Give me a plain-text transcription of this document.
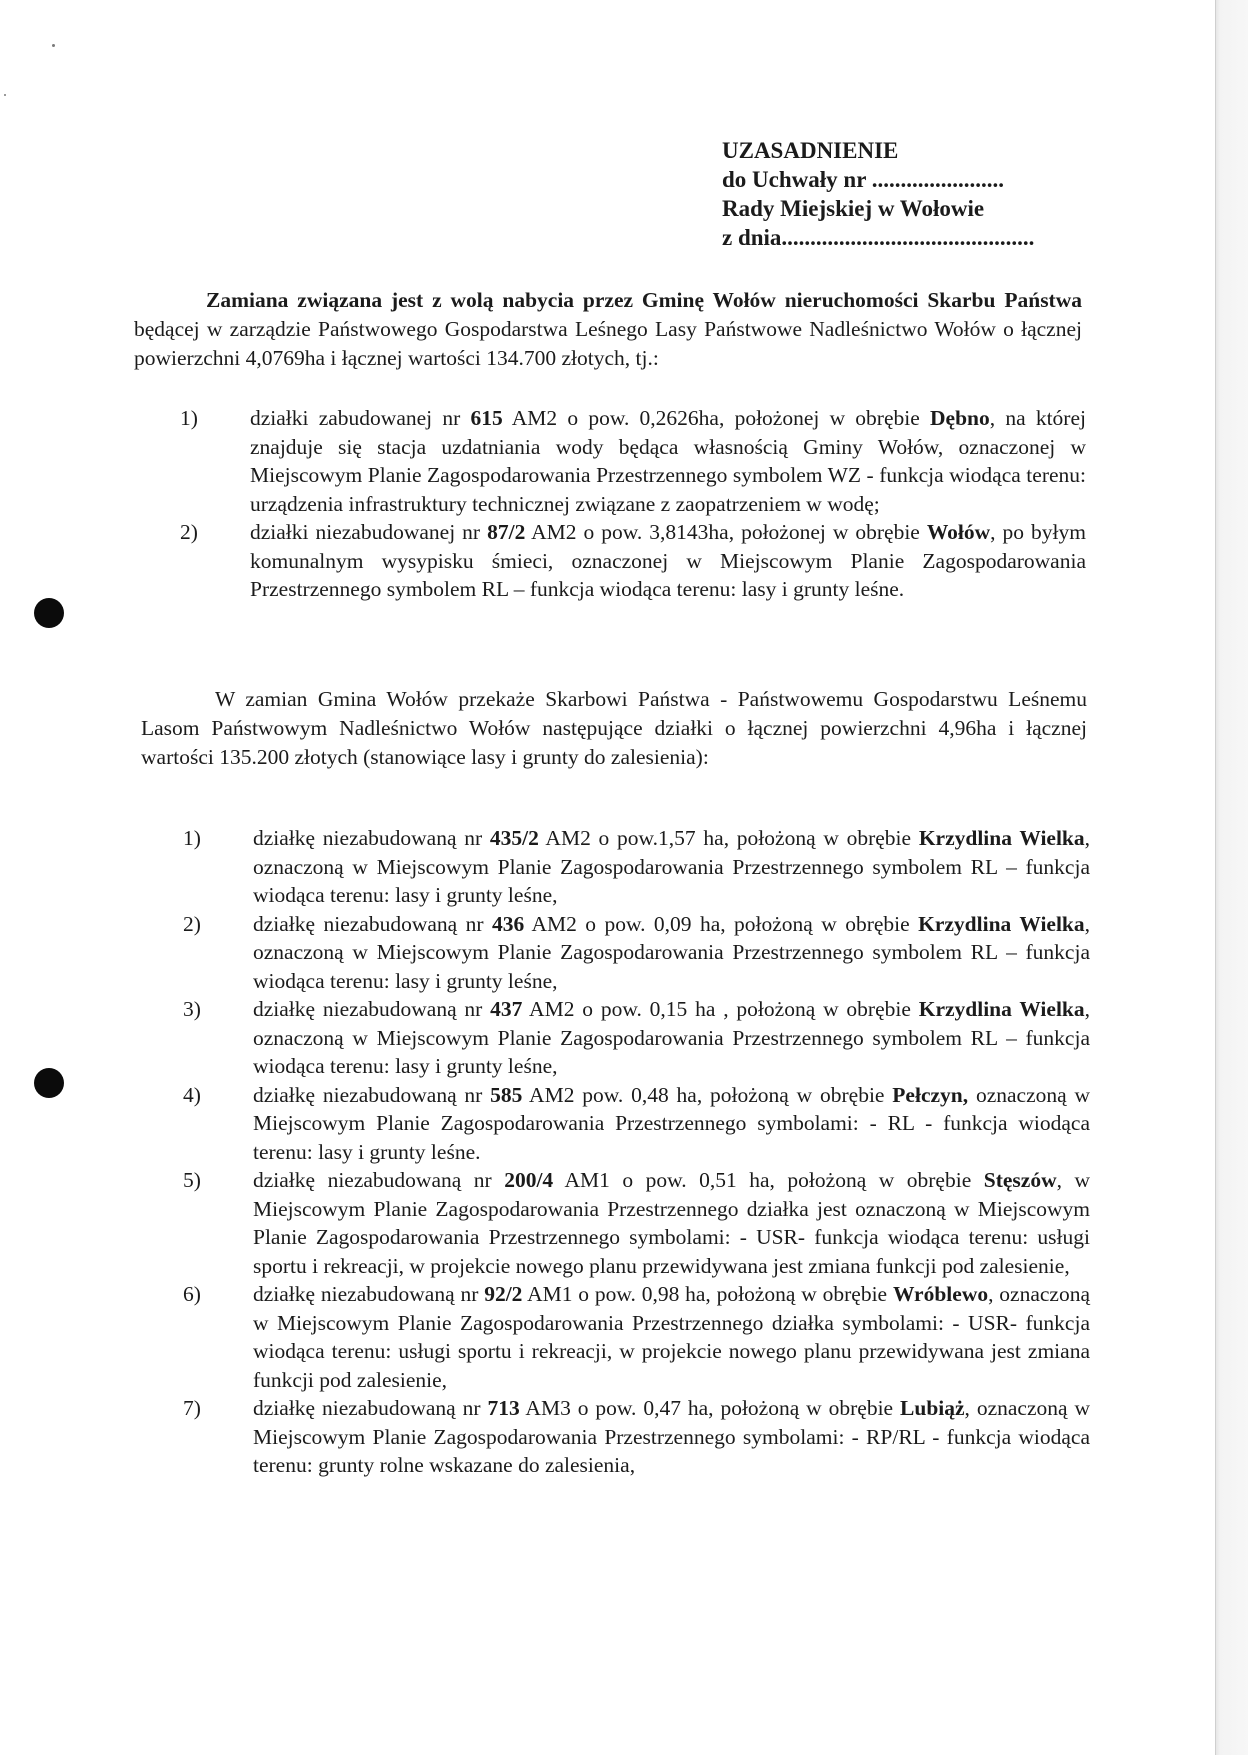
UZASADNIENIE
do Uchwały nr .......................
Rady Miejskiej w Wołowie
z dnia............................................
Zamiana związana jest z wolą nabycia przez Gminę Wołów nieruchomości Skarbu Państwa będącej w zarządzie Państwowego Gospodarstwa Leśnego Lasy Państwowe Nadleśnictwo Wołów o łącznej powierzchni 4,0769ha i łącznej wartości 134.700 złotych, tj.:
1)	działki zabudowanej nr 615 AM2 o pow. 0,2626ha, położonej w obrębie Dębno, na której znajduje się stacja uzdatniania wody będąca własnością Gminy Wołów, oznaczonej w Miejscowym Planie Zagospodarowania Przestrzennego symbolem WZ - funkcja wiodąca terenu: urządzenia infrastruktury technicznej związane z zaopatrzeniem w wodę;
2)	działki niezabudowanej nr 87/2 AM2 o pow. 3,8143ha, położonej w obrębie Wołów, po byłym komunalnym wysypisku śmieci, oznaczonej w Miejscowym Planie Zagospodarowania Przestrzennego symbolem RL – funkcja wiodąca terenu: lasy i grunty leśne.
W zamian Gmina Wołów przekaże Skarbowi Państwa - Państwowemu Gospodarstwu Leśnemu Lasom Państwowym Nadleśnictwo Wołów następujące działki o łącznej powierzchni 4,96ha i łącznej wartości 135.200 złotych (stanowiące lasy i grunty do zalesienia):
1)	działkę niezabudowaną nr 435/2 AM2 o pow.1,57 ha, położoną w obrębie Krzydlina Wielka, oznaczoną w Miejscowym Planie Zagospodarowania Przestrzennego symbolem RL – funkcja wiodąca terenu: lasy i grunty leśne,
2)	działkę niezabudowaną nr 436 AM2 o pow. 0,09 ha, położoną w obrębie Krzydlina Wielka, oznaczoną w Miejscowym Planie Zagospodarowania Przestrzennego symbolem RL – funkcja wiodąca terenu: lasy i grunty leśne,
3)	działkę niezabudowaną nr 437 AM2 o pow. 0,15 ha , położoną w obrębie Krzydlina Wielka, oznaczoną w Miejscowym Planie Zagospodarowania Przestrzennego symbolem RL – funkcja wiodąca terenu: lasy i grunty leśne,
4)	działkę niezabudowaną nr 585 AM2 pow. 0,48 ha, położoną w obrębie Pełczyn, oznaczoną w Miejscowym Planie Zagospodarowania Przestrzennego symbolami: - RL - funkcja wiodąca terenu: lasy i grunty leśne.
5)	działkę niezabudowaną nr 200/4 AM1 o pow. 0,51 ha, położoną w obrębie Stęszów, w Miejscowym Planie Zagospodarowania Przestrzennego działka jest oznaczoną w Miejscowym Planie Zagospodarowania Przestrzennego symbolami: - USR- funkcja wiodąca terenu: usługi sportu i rekreacji, w projekcie nowego planu przewidywana jest zmiana funkcji pod zalesienie,
6)	działkę niezabudowaną nr 92/2 AM1 o pow. 0,98 ha, położoną w obrębie Wróblewo, oznaczoną w Miejscowym Planie Zagospodarowania Przestrzennego działka symbolami: - USR- funkcja wiodąca terenu: usługi sportu i rekreacji, w projekcie nowego planu przewidywana jest zmiana funkcji pod zalesienie,
7)	działkę niezabudowaną nr 713 AM3 o pow. 0,47 ha, położoną w obrębie Lubiąż, oznaczoną w Miejscowym Planie Zagospodarowania Przestrzennego symbolami: - RP/RL - funkcja wiodąca terenu: grunty rolne wskazane do zalesienia,
